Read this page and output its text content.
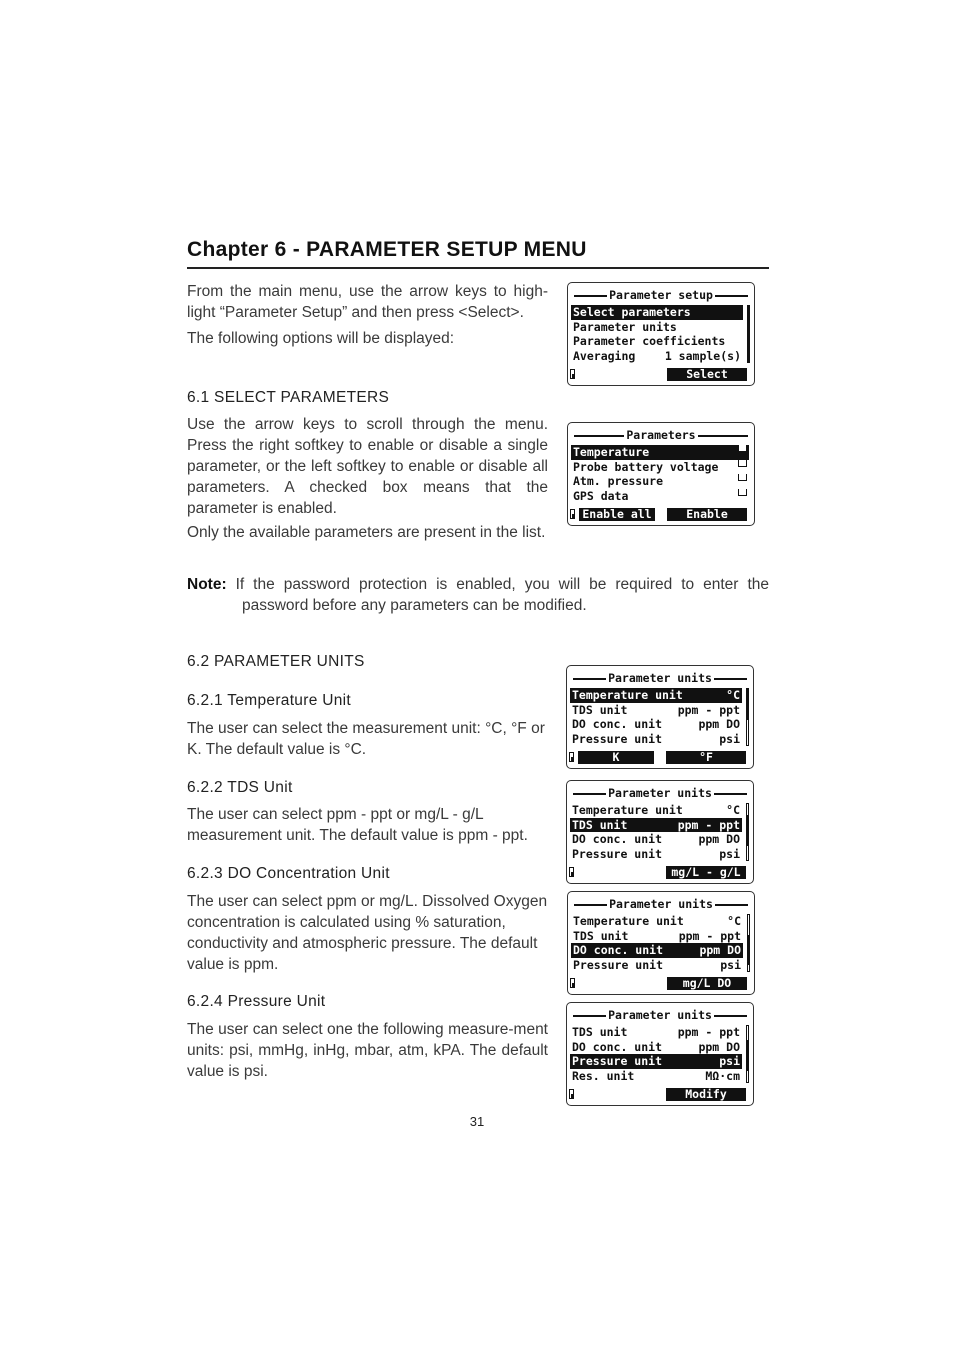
Chapter 6 - PARAMETER SETUP MENU
From the main menu, use the arrow keys to high-light “Parameter Setup” and then press <Select>.
The following options will be displayed:
6.1 SELECT PARAMETERS
Use the arrow keys to scroll through the menu. Press the right softkey to enable or disable a single parameter, or the left softkey to enable or disable all parameters. A checked box means that the parameter is enabled.
Only the available parameters are present in the list.
Note: If the password protection is enabled, you will be required to enter the password before any parameters can be modified.
6.2 PARAMETER UNITS
6.2.1 Temperature Unit
The user can select the measurement unit: °C, °F or K. The default value is °C.
6.2.2 TDS Unit
The user can select ppm - ppt or mg/L - g/L measurement unit. The default value is ppm - ppt.
6.2.3 DO Concentration Unit
The user can select ppm or mg/L. Dissolved Oxygen concentration is calculated using % saturation, conductivity and atmospheric pressure. The default value is ppm.
6.2.4 Pressure Unit
The user can select one the following measure-ment units: psi, mmHg, inHg, mbar, atm, kPA. The default value is psi.
31
Parameter setup
Select parameters
Parameter units
Parameter coefficients
Averaging	1 sample(s)
Select
Parameters
Temperature
Probe battery voltage
Atm. pressure
GPS data
Enable all	Enable
Parameter units
Temperature unit	°C
TDS unit	ppm - ppt
DO conc. unit	ppm DO
Pressure unit	psi
K	°F
Parameter units
Temperature unit	°C
TDS unit	ppm - ppt
DO conc. unit	ppm DO
Pressure unit	psi
mg/L - g/L
Parameter units
Temperature unit	°C
TDS unit	ppm - ppt
DO conc. unit	ppm DO
Pressure unit	psi
mg/L DO
Parameter units
TDS unit	ppm - ppt
DO conc. unit	ppm DO
Pressure unit	psi
Res. unit	MΩ·cm
Modify
